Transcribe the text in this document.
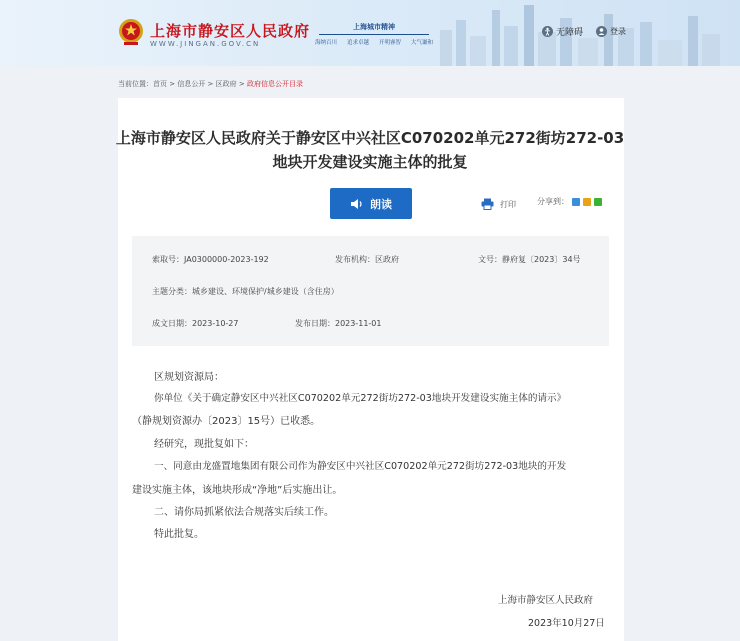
上海市静安区人民政府
WWW.JINGAN.GOV.CN
上海城市精神
海纳百川 追求卓越 开明睿智 大气谦和
无障碍	登录
当前位置：首页 > 信息公开 > 区政府 > 政府信息公开目录
上海市静安区人民政府关于静安区中兴社区C070202单元272街坊272-03
地块开发建设实施主体的批复
朗读	打印	分享到：
索取号：JA0300000-2023-192	发布机构：区政府	文号：静府复〔2023〕34号
主题分类：城乡建设、环境保护/城乡建设（含住房）
成文日期：2023-10-27	发布日期：2023-11-01
区规划资源局：
你单位《关于确定静安区中兴社区C070202单元272街坊272-03地块开发建设实施主体的请示》
（静规划资源办〔2023〕15号）已收悉。
经研究，现批复如下：
一、同意由龙盛置地集团有限公司作为静安区中兴社区C070202单元272街坊272-03地块的开发
建设实施主体，该地块形成“净地”后实施出让。
二、请你局抓紧依法合规落实后续工作。
特此批复。
上海市静安区人民政府
2023年10月27日
